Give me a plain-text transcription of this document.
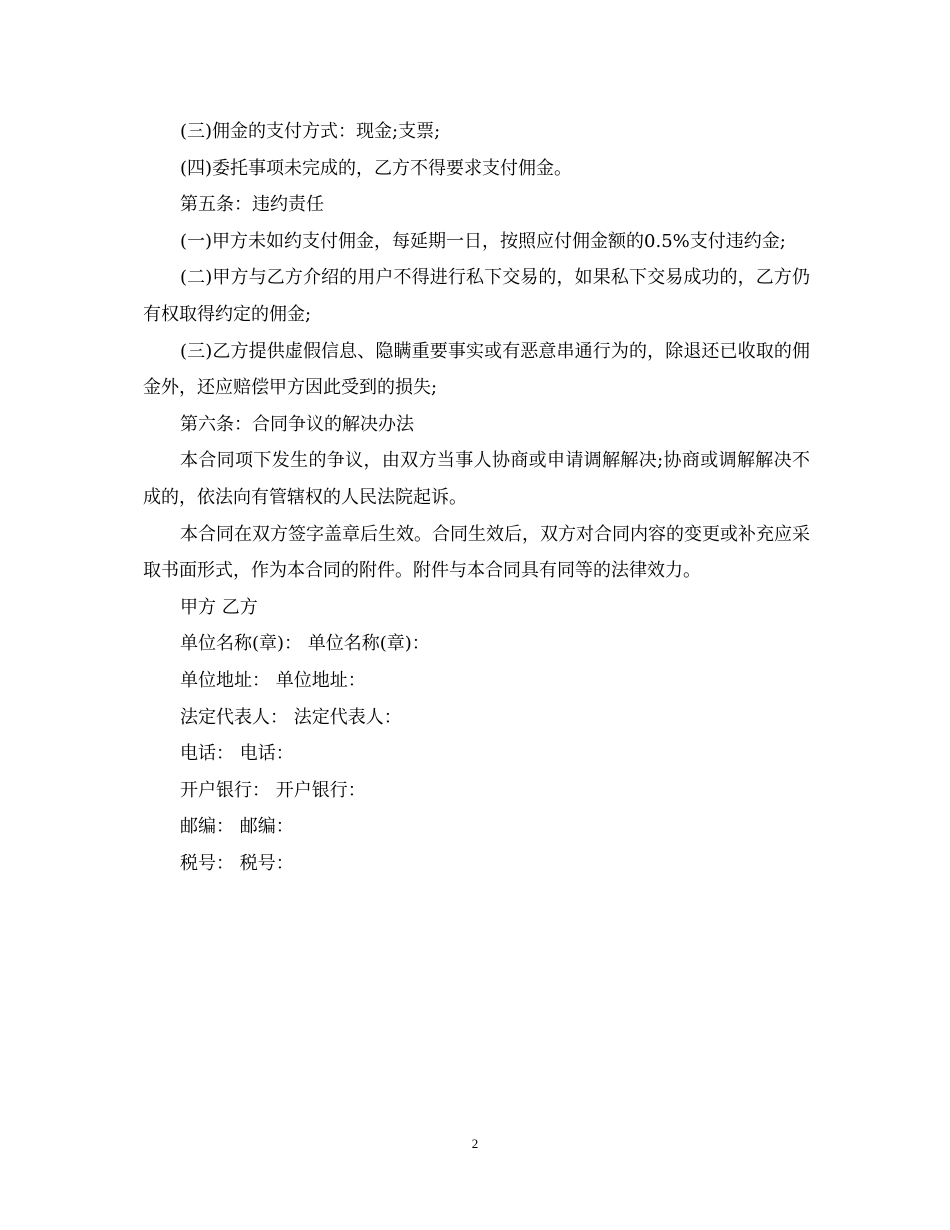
(三)佣金的支付方式：现金;支票;

(四)委托事项未完成的，乙方不得要求支付佣金。

第五条：违约责任

(一)甲方未如约支付佣金，每延期一日，按照应付佣金额的0.5%支付违约金;

(二)甲方与乙方介绍的用户不得进行私下交易的，如果私下交易成功的，乙方仍有权取得约定的佣金;

(三)乙方提供虚假信息、隐瞒重要事实或有恶意串通行为的，除退还已收取的佣金外，还应赔偿甲方因此受到的损失;

第六条：合同争议的解决办法

本合同项下发生的争议，由双方当事人协商或申请调解解决;协商或调解解决不成的，依法向有管辖权的人民法院起诉。

本合同在双方签字盖章后生效。合同生效后，双方对合同内容的变更或补充应采取书面形式，作为本合同的附件。附件与本合同具有同等的法律效力。

甲方 乙方

单位名称(章)： 单位名称(章)：

单位地址： 单位地址：

法定代表人： 法定代表人：

电话： 电话：

开户银行： 开户银行：

邮编： 邮编：

税号： 税号：

2
